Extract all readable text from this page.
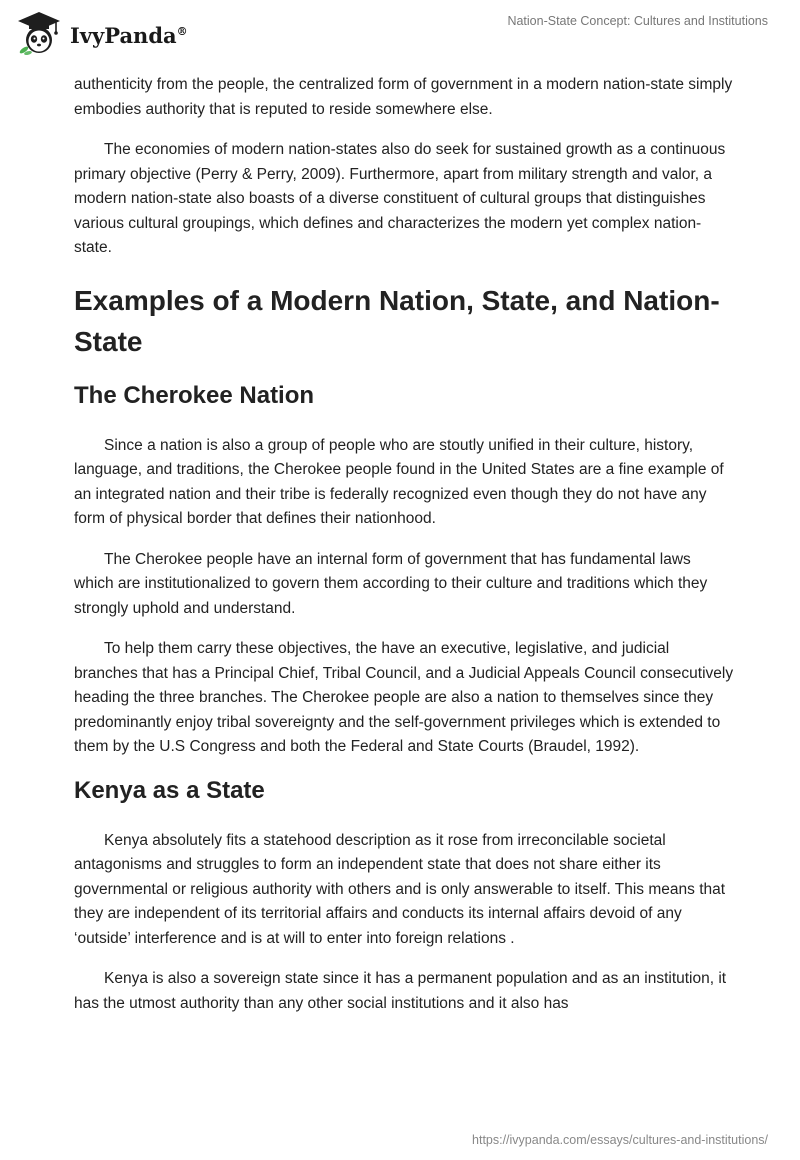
IvyPanda®
Nation-State Concept: Cultures and Institutions

authenticity from the people, the centralized form of government in a modern nation-state simply embodies authority that is reputed to reside somewhere else.

The economies of modern nation-states also do seek for sustained growth as a continuous primary objective (Perry & Perry, 2009). Furthermore, apart from military strength and valor, a modern nation-state also boasts of a diverse constituent of cultural groups that distinguishes various cultural groupings, which defines and characterizes the modern yet complex nation-state.

Examples of a Modern Nation, State, and Nation-State
The Cherokee Nation

Since a nation is also a group of people who are stoutly unified in their culture, history, language, and traditions, the Cherokee people found in the United States are a fine example of an integrated nation and their tribe is federally recognized even though they do not have any form of physical border that defines their nationhood.

The Cherokee people have an internal form of government that has fundamental laws which are institutionalized to govern them according to their culture and traditions which they strongly uphold and understand.

To help them carry these objectives, the have an executive, legislative, and judicial branches that has a Principal Chief, Tribal Council, and a Judicial Appeals Council consecutively heading the three branches. The Cherokee people are also a nation to themselves since they predominantly enjoy tribal sovereignty and the self-government privileges which is extended to them by the U.S Congress and both the Federal and State Courts (Braudel, 1992).

Kenya as a State

Kenya absolutely fits a statehood description as it rose from irreconcilable societal antagonisms and struggles to form an independent state that does not share either its governmental or religious authority with others and is only answerable to itself. This means that they are independent of its territorial affairs and conducts its internal affairs devoid of any ‘outside’ interference and is at will to enter into foreign relations .

Kenya is also a sovereign state since it has a permanent population and as an institution, it has the utmost authority than any other social institutions and it also has

https://ivypanda.com/essays/cultures-and-institutions/
